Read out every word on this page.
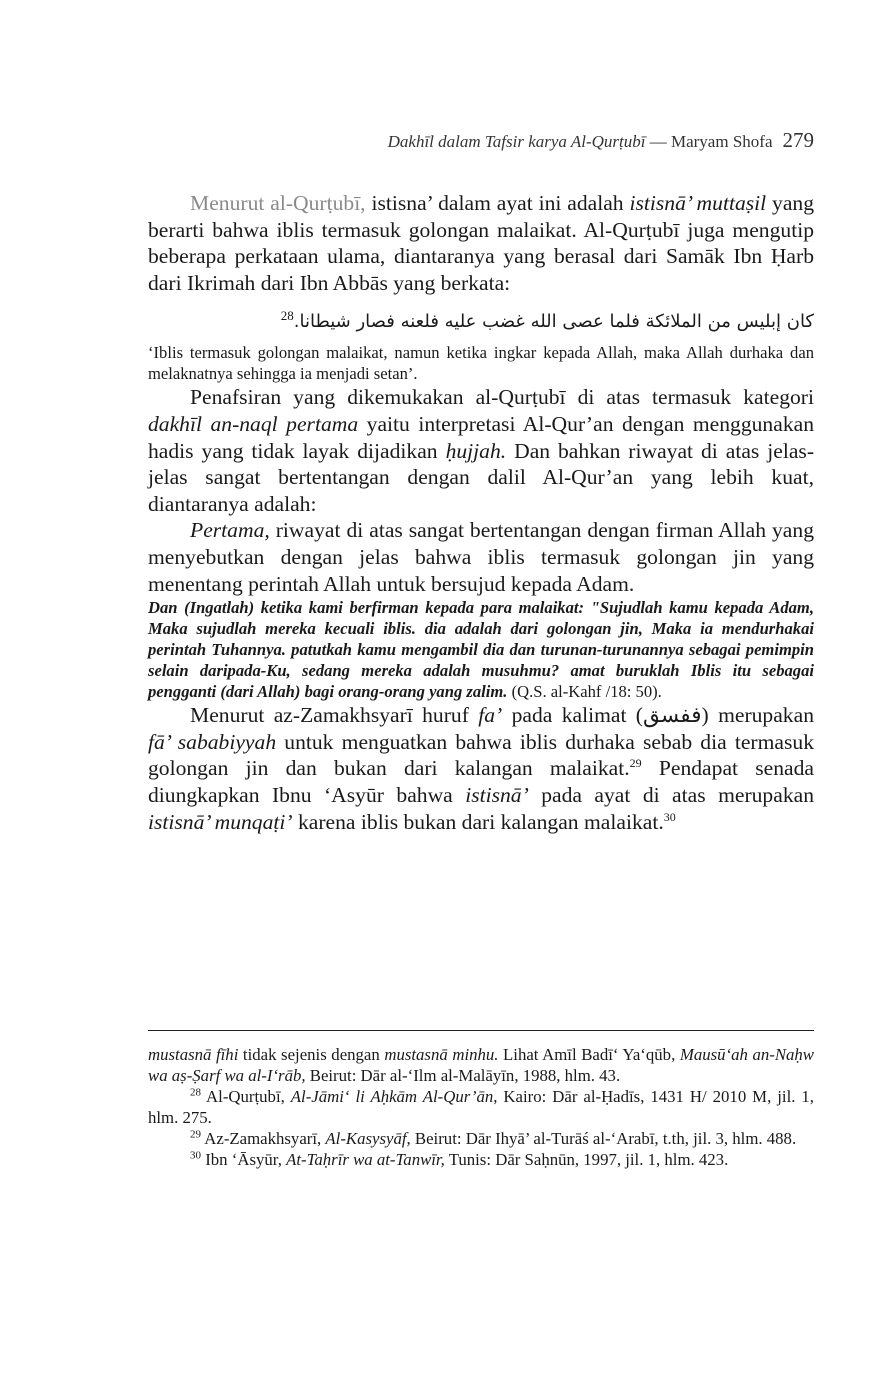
Dakhīl dalam Tafsir karya Al-Qurṭubī — Maryam Shofa 279

Menurut al-Qurṭubī, istisna’ dalam ayat ini adalah istisnā’ muttaṣil yang berarti bahwa iblis termasuk golongan malaikat. Al-Qurṭubī juga mengutip beberapa perkataan ulama, diantaranya yang berasal dari Samāk Ibn Ḥarb dari Ikrimah dari Ibn Abbās yang berkata:

كان إبليس من الملائكة فلما عصى الله غضب عليه فلعنه فصار شيطانا.$^{28}$

‘Iblis termasuk golongan malaikat, namun ketika ingkar kepada Allah, maka Allah durhaka dan melaknatnya sehingga ia menjadi setan’.

Penafsiran yang dikemukakan al-Qurṭubī di atas termasuk kategori dakhīl an-naql pertama yaitu interpretasi Al-Qur’an dengan menggunakan hadis yang tidak layak dijadikan ḥujjah. Dan bahkan riwayat di atas jelas-jelas sangat bertentangan dengan dalil Al-Qur’an yang lebih kuat, diantaranya adalah:

Pertama, riwayat di atas sangat bertentangan dengan firman Allah yang menyebutkan dengan jelas bahwa iblis termasuk golongan jin yang menentang perintah Allah untuk bersujud kepada Adam.

Dan (Ingatlah) ketika kami berfirman kepada para malaikat: "Sujudlah kamu kepada Adam, Maka sujudlah mereka kecuali iblis. dia adalah dari golongan jin, Maka ia mendurhakai perintah Tuhannya. patutkah kamu mengambil dia dan turunan-turunannya sebagai pemimpin selain daripada-Ku, sedang mereka adalah musuhmu? amat buruklah Iblis itu sebagai pengganti (dari Allah) bagi orang-orang yang zalim. (Q.S. al-Kahf /18: 50).

Menurut az-Zamakhsyarī huruf fa’ pada kalimat (ففسق) merupakan fā’ sababiyyah untuk menguatkan bahwa iblis durhaka sebab dia termasuk golongan jin dan bukan dari kalangan malaikat.$^{29}$ Pendapat senada diungkapkan Ibnu ‘Asyūr bahwa istisnā’ pada ayat di atas merupakan istisnā’ munqaṭi’ karena iblis bukan dari kalangan malaikat.$^{30}$

mustasnā fīhi tidak sejenis dengan mustasnā minhu. Lihat Amīl Badī‘ Ya‘qūb, Mausū‘ah an-Naḥw wa aṣ-Ṣarf wa al-I‘rāb, Beirut: Dār al-‘Ilm al-Malāyīn, 1988, hlm. 43.

$^{28}$ Al-Qurṭubī, Al-Jāmi‘ li Aḥkām Al-Qur’ān, Kairo: Dār al-Ḥadīs, 1431 H/ 2010 M, jil. 1, hlm. 275.

$^{29}$ Az-Zamakhsyarī, Al-Kasysyāf, Beirut: Dār Ihyā’ al-Turāś al-‘Arabī, t.th, jil. 3, hlm. 488.

$^{30}$ Ibn ‘Āsyūr, At-Taḥrīr wa at-Tanwīr, Tunis: Dār Saḥnūn, 1997, jil. 1, hlm. 423.
